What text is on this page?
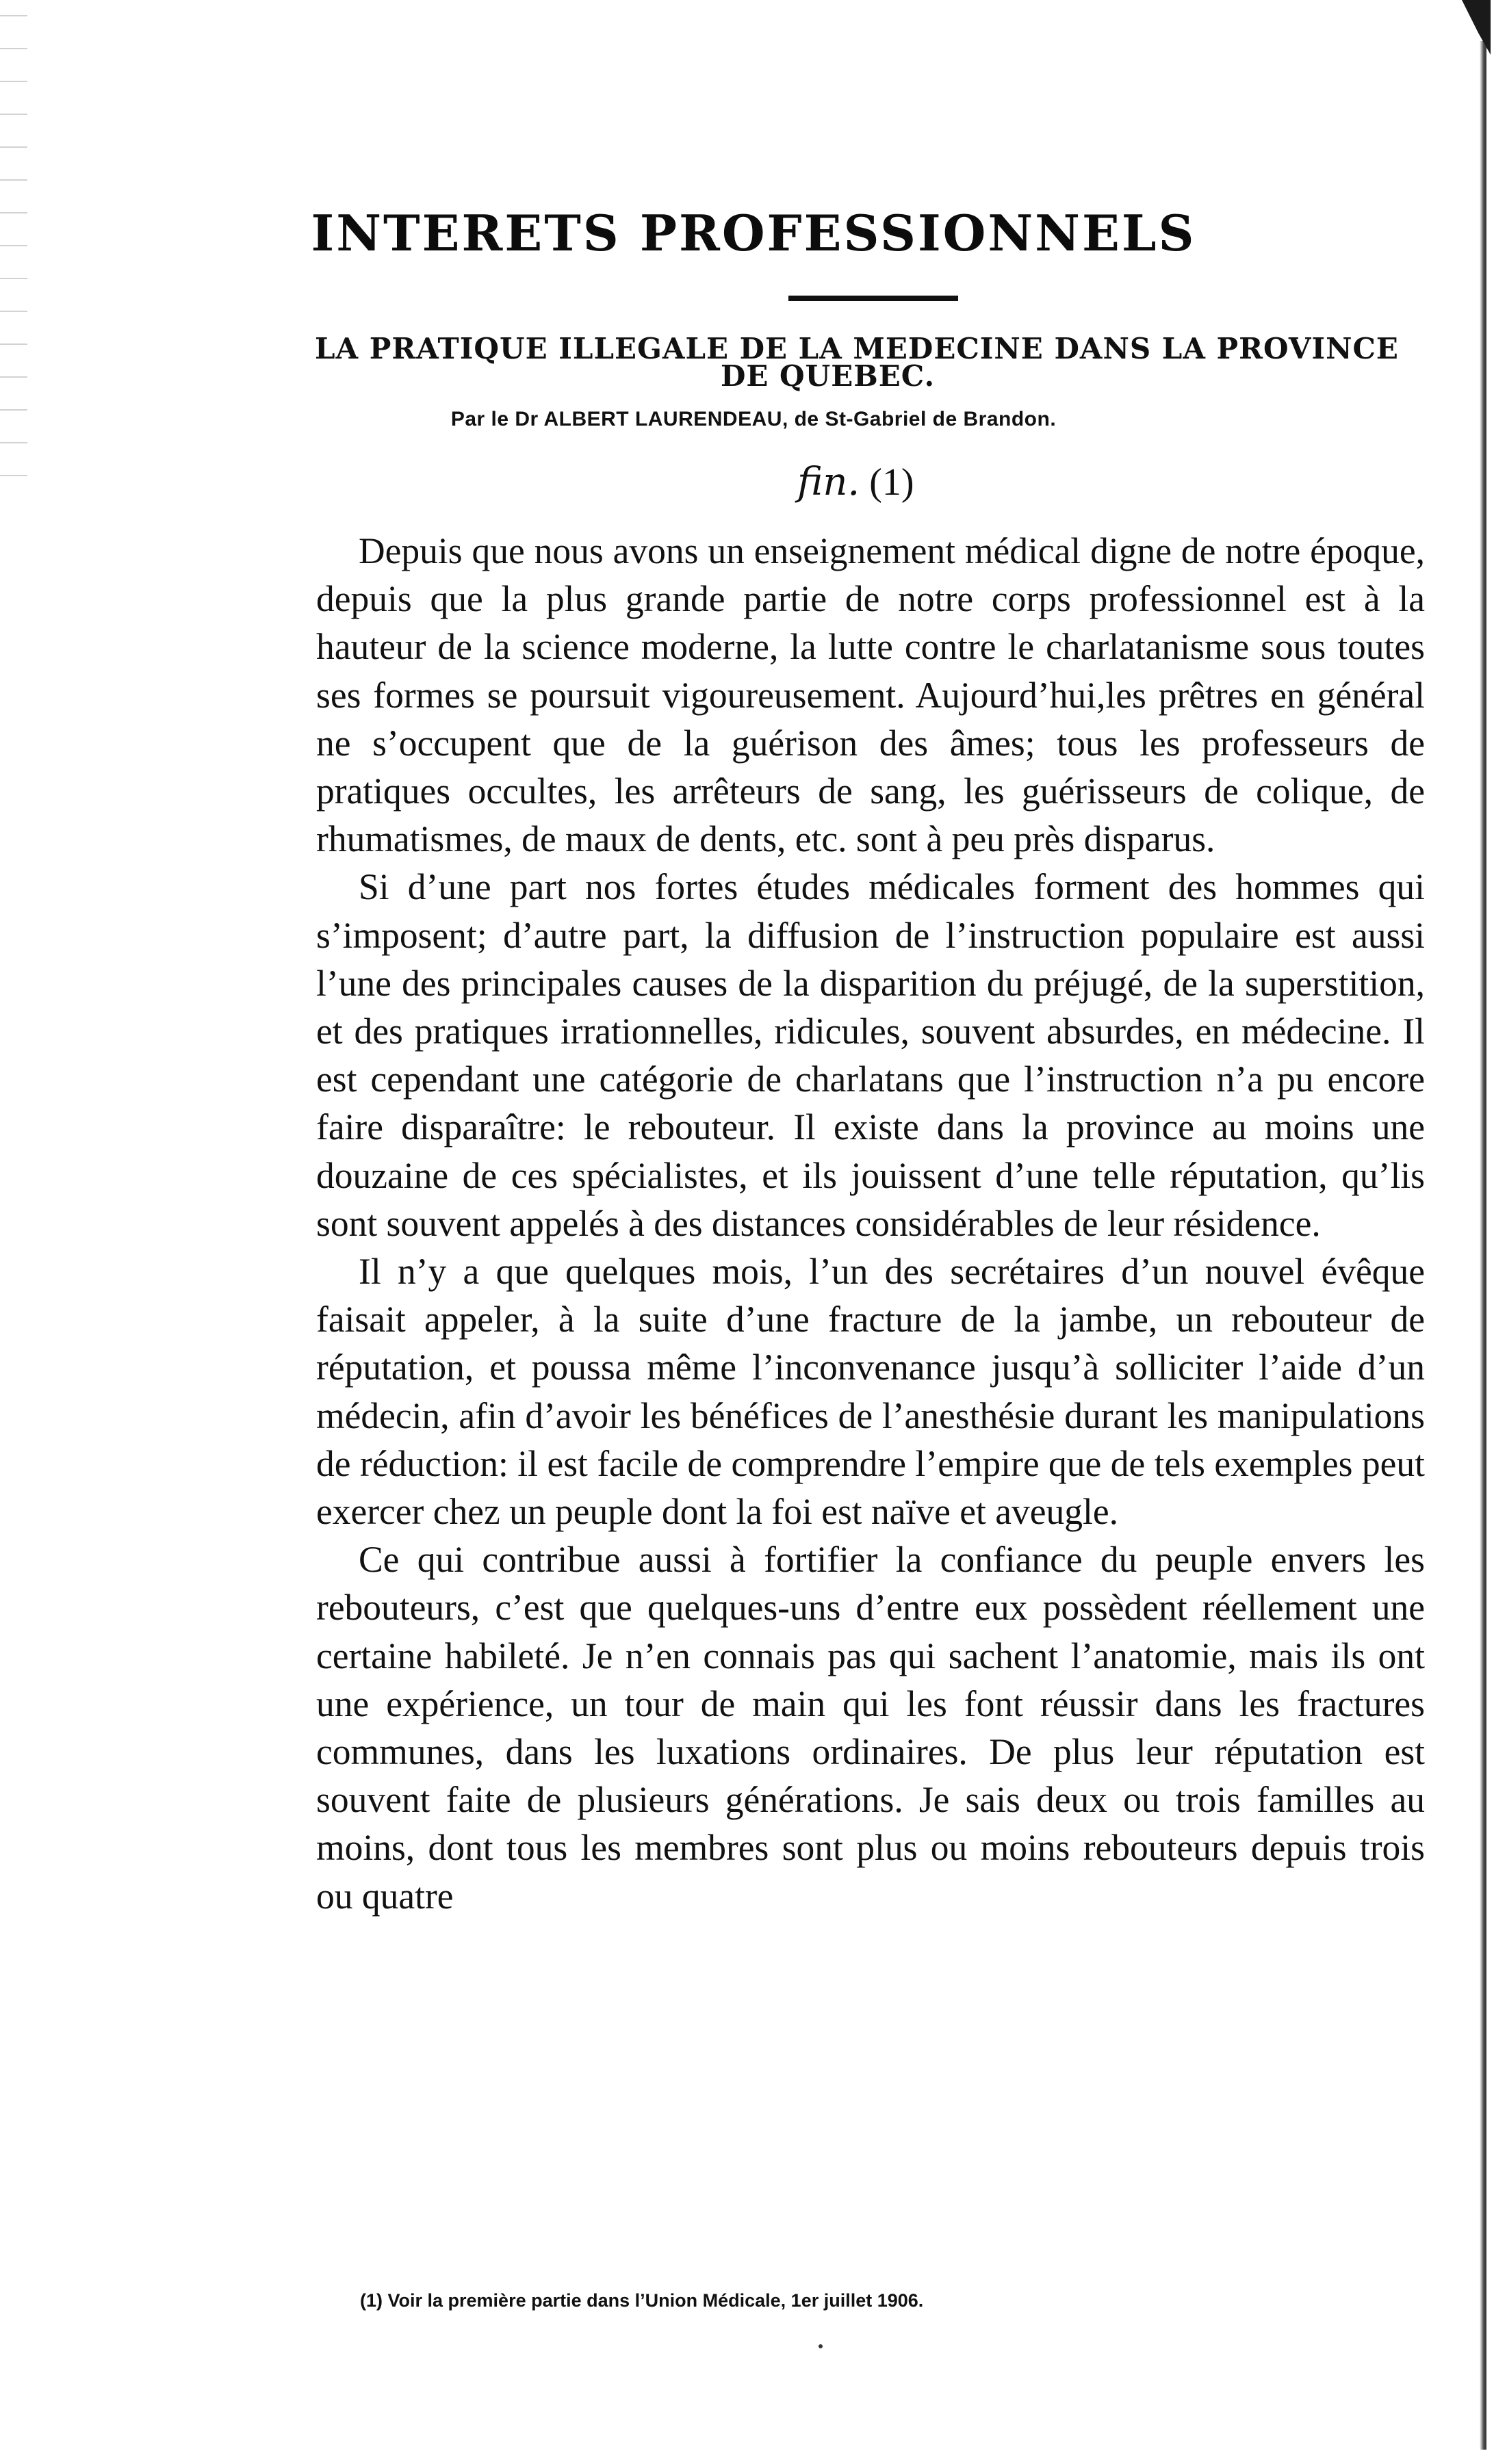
INTERETS PROFESSIONNELS
LA PRATIQUE ILLEGALE DE LA MEDECINE DANS LA PROVINCE
DE QUEBEC.
Par le Dr ALBERT LAURENDEAU, de St-Gabriel de Brandon.
fin. (1)

Depuis que nous avons un enseignement médical digne de notre époque, depuis que la plus grande partie de notre corps professionnel est à la hauteur de la science moderne, la lutte contre le charlatanisme sous toutes ses formes se poursuit vigoureusement. Aujourd’hui,les prêtres en général ne s’occupent que de la guérison des âmes; tous les professeurs de pratiques occultes, les arrêteurs de sang, les guérisseurs de colique, de rhumatismes, de maux de dents, etc. sont à peu près disparus.

Si d’une part nos fortes études médicales forment des hommes qui s’imposent; d’autre part, la diffusion de l’instruction populaire est aussi l’une des principales causes de la disparition du préjugé, de la superstition, et des pratiques irrationnelles, ridicules, souvent absurdes, en médecine. Il est cependant une catégorie de charlatans que l’instruction n’a pu encore faire disparaître: le rebouteur. Il existe dans la province au moins une douzaine de ces spécialistes, et ils jouissent d’une telle réputation, qu’lis sont souvent appelés à des distances considérables de leur résidence.

Il n’y a que quelques mois, l’un des secrétaires d’un nouvel évêque faisait appeler, à la suite d’une fracture de la jambe, un rebouteur de réputation, et poussa même l’inconvenance jusqu’à solliciter l’aide d’un médecin, afin d’avoir les bénéfices de l’anesthésie durant les manipulations de réduction: il est facile de comprendre l’empire que de tels exemples peut exercer chez un peuple dont la foi est naïve et aveugle.

Ce qui contribue aussi à fortifier la confiance du peuple envers les rebouteurs, c’est que quelques-uns d’entre eux possèdent réellement une certaine habileté. Je n’en connais pas qui sachent l’anatomie, mais ils ont une expérience, un tour de main qui les font réussir dans les fractures communes, dans les luxations ordinaires. De plus leur réputation est souvent faite de plusieurs générations. Je sais deux ou trois familles au moins, dont tous les membres sont plus ou moins rebouteurs depuis trois ou quatre

(1) Voir la première partie dans l’Union Médicale, 1er juillet 1906.
